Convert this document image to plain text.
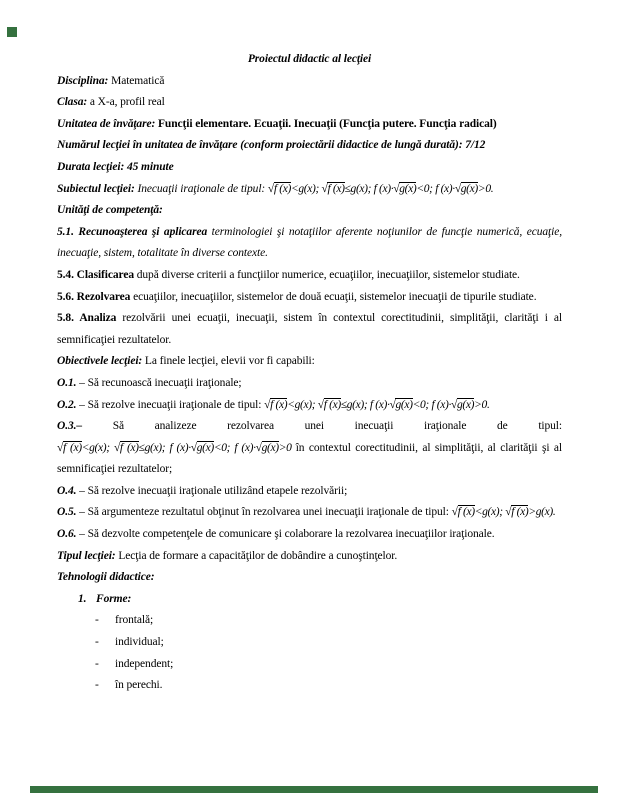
Proiectul didactic al lecţiei

Disciplina: Matematică

Clasa: a X-a, profil real

Unitatea de învăţare: Funcţii elementare. Ecuaţii. Inecuaţii (Funcţia putere. Funcţia radical)

Numărul lecţiei în unitatea de învăţare (conform proiectării didactice de lungă durată): 7/12

Durata lecţiei: 45 minute

Subiectul lecţiei: Inecuaţii iraţionale de tipul: √f (x)<g(x); √f (x)≤g(x); f (x)·√g(x)<0; f (x)·√g(x)>0.

Unităţi de competenţă:

5.1. Recunoaşterea şi aplicarea terminologiei şi notaţiilor aferente noţiunilor de funcţie numerică, ecuaţie, inecuaţie, sistem, totalitate în diverse contexte.

5.4. Clasificarea după diverse criterii a funcţiilor numerice, ecuaţiilor, inecuaţiilor, sistemelor studiate.

5.6. Rezolvarea ecuaţiilor, inecuaţiilor, sistemelor de două ecuaţii, sistemelor inecuaţii de tipurile studiate.

5.8. Analiza rezolvării unei ecuaţii, inecuaţii, sistem în contextul corectitudinii, simplităţii, clarităţi i al semnificaţiei rezultatelor.

Obiectivele lecţiei: La finele lecţiei, elevii vor fi capabili:

O.1. – Să recunoască inecuaţii iraţionale;

O.2. – Să rezolve inecuaţii iraţionale de tipul: √f (x)<g(x); √f (x)≤g(x); f (x)·√g(x)<0; f (x)·√g(x)>0.

O.3.– Să analizeze rezolvarea unei inecuaţii iraţionale de tipul: √f (x)<g(x); √f (x)≤g(x); f (x)·√g(x)<0; f (x)·√g(x)>0 în contextul corectitudinii, al simplităţii, al clarităţii şi al semnificaţiei rezultatelor;

O.4. – Să rezolve inecuaţii iraţionale utilizând etapele rezolvării;

O.5. – Să argumenteze rezultatul obţinut în rezolvarea unei inecuaţii iraţionale de tipul: √f (x)<g(x); √f (x)>g(x).

O.6. – Să dezvolte competenţele de comunicare şi colaborare la rezolvarea inecuaţiilor iraţionale.

Tipul lecţiei: Lecţia de formare a capacităţilor de dobândire a cunoştinţelor.

Tehnologii didactice:

1. Forme:

- frontală;

- individual;

- independent;

- în perechi.
